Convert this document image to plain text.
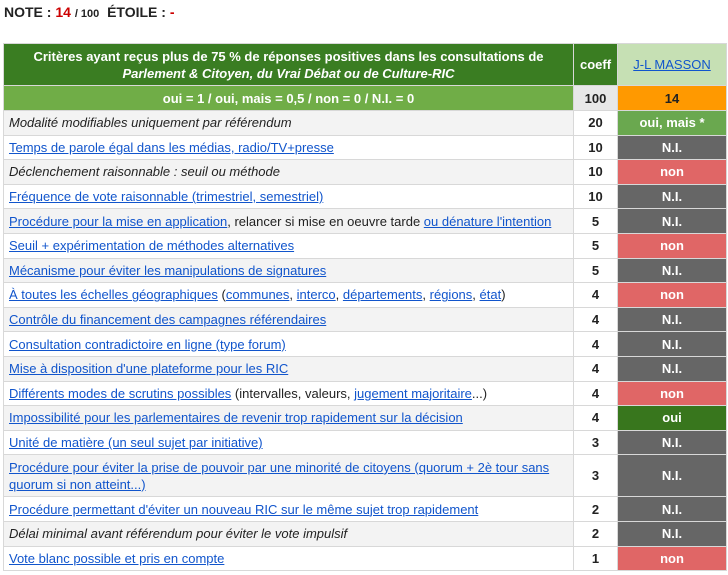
NOTE : 14 / 100 ÉTOILE : -
Critères ayant reçus plus de 75 % de réponses positives dans les consultations de
Parlement & Citoyen, du Vrai Débat ou de Culture-RIC	coeff	J-L MASSON
oui = 1 / oui, mais = 0,5 / non = 0 / N.I. = 0	100	14
Modalité modifiables uniquement par référendum	20	oui, mais *
Temps de parole égal dans les médias, radio/TV+presse	10	N.I.
Déclenchement raisonnable : seuil ou méthode	10	non
Fréquence de vote raisonnable (trimestriel, semestriel)	10	N.I.
Procédure pour la mise en application, relancer si mise en oeuvre tarde ou dénature l'intention	5	N.I.
Seuil + expérimentation de méthodes alternatives	5	non
Mécanisme pour éviter les manipulations de signatures	5	N.I.
À toutes les échelles géographiques (communes, interco, départements, régions, état)	4	non
Contrôle du financement des campagnes référendaires	4	N.I.
Consultation contradictoire en ligne (type forum)	4	N.I.
Mise à disposition d'une plateforme pour les RIC	4	N.I.
Différents modes de scrutins possibles (intervalles, valeurs, jugement majoritaire...)	4	non
Impossibilité pour les parlementaires de revenir trop rapidement sur la décision	4	oui
Unité de matière (un seul sujet par initiative)	3	N.I.
Procédure pour éviter la prise de pouvoir par une minorité de citoyens (quorum + 2è tour sans quorum si non atteint...)	3	N.I.
Procédure permettant d'éviter un nouveau RIC sur le même sujet trop rapidement	2	N.I.
Délai minimal avant référendum pour éviter le vote impulsif	2	N.I.
Vote blanc possible et pris en compte	1	non
